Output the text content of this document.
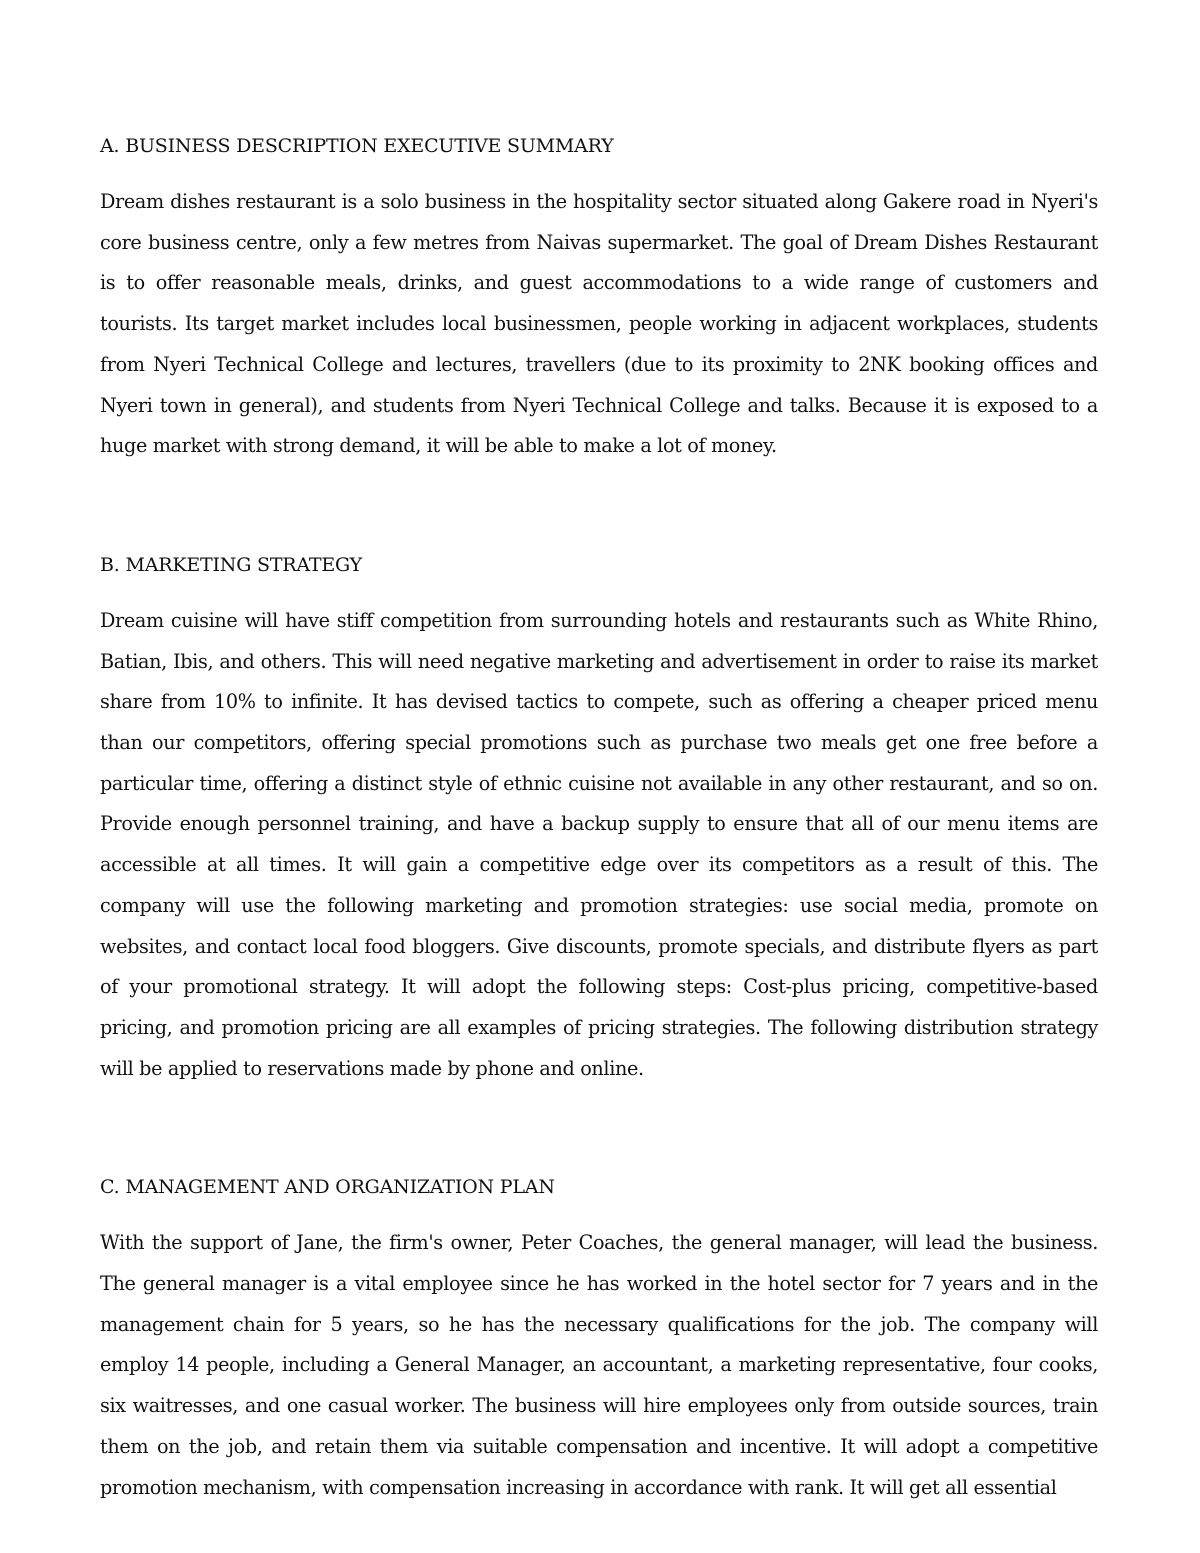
A. BUSINESS DESCRIPTION EXECUTIVE SUMMARY

Dream dishes restaurant is a solo business in the hospitality sector situated along Gakere road in Nyeri's core business centre, only a few metres from Naivas supermarket. The goal of Dream Dishes Restaurant is to offer reasonable meals, drinks, and guest accommodations to a wide range of customers and tourists. Its target market includes local businessmen, people working in adjacent workplaces, students from Nyeri Technical College and lectures, travellers (due to its proximity to 2NK booking offices and Nyeri town in general), and students from Nyeri Technical College and talks. Because it is exposed to a huge market with strong demand, it will be able to make a lot of money.

B. MARKETING STRATEGY

Dream cuisine will have stiff competition from surrounding hotels and restaurants such as White Rhino, Batian, Ibis, and others. This will need negative marketing and advertisement in order to raise its market share from 10% to infinite. It has devised tactics to compete, such as offering a cheaper priced menu than our competitors, offering special promotions such as purchase two meals get one free before a particular time, offering a distinct style of ethnic cuisine not available in any other restaurant, and so on. Provide enough personnel training, and have a backup supply to ensure that all of our menu items are accessible at all times. It will gain a competitive edge over its competitors as a result of this. The company will use the following marketing and promotion strategies: use social media, promote on websites, and contact local food bloggers. Give discounts, promote specials, and distribute flyers as part of your promotional strategy. It will adopt the following steps: Cost-plus pricing, competitive-based pricing, and promotion pricing are all examples of pricing strategies. The following distribution strategy will be applied to reservations made by phone and online.

C. MANAGEMENT AND ORGANIZATION PLAN

With the support of Jane, the firm's owner, Peter Coaches, the general manager, will lead the business. The general manager is a vital employee since he has worked in the hotel sector for 7 years and in the management chain for 5 years, so he has the necessary qualifications for the job. The company will employ 14 people, including a General Manager, an accountant, a marketing representative, four cooks, six waitresses, and one casual worker. The business will hire employees only from outside sources, train them on the job, and retain them via suitable compensation and incentive. It will adopt a competitive promotion mechanism, with compensation increasing in accordance with rank. It will get all essential
